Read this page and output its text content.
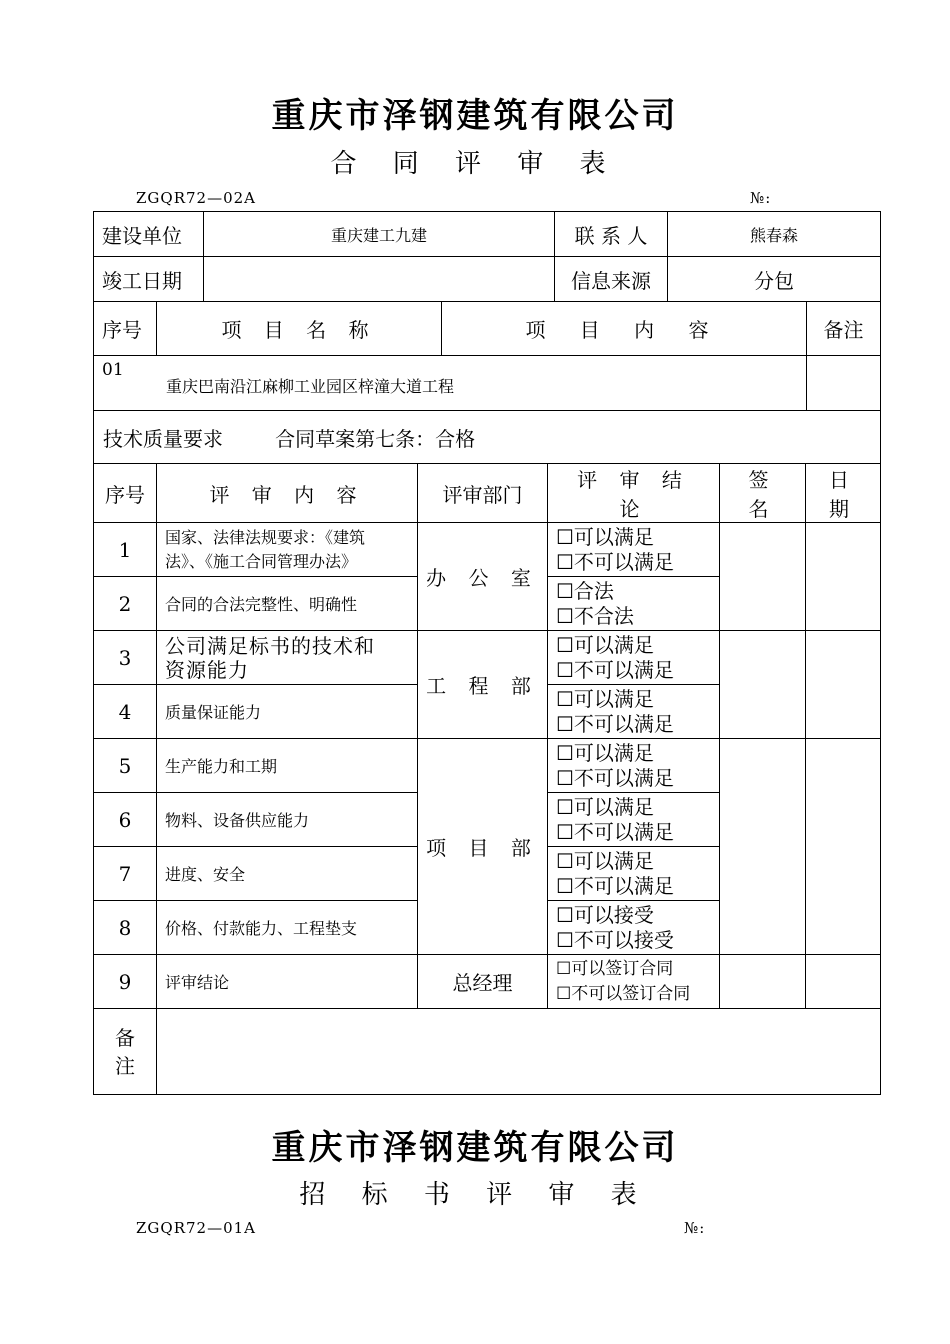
重庆市泽钢建筑有限公司
合 同 评 审 表
ZGQR72—02A	№:
建设单位	重庆建工九建	联 系 人	熊春森
竣工日期		信息来源	分包
序号	项 目 名 称	项 目 内 容	备注

01
重庆巴南沿江麻柳工业园区梓潼大道工程			

技术质量要求 合同草案第七条：合格			
序号	评 审 内 容	评审部门	评 审 结 论	签 名	日 期
1	国家、法律法规要求：《建筑
法》、《施工合同管理办法》	办 公 室	☐可以满足
☐不可以满足		

2	合同的合法完整性、明确性		☐合法
☐不合法		

3	公司满足标书的技术和
资源能力	工 程 部	☐可以满足
☐不可以满足		

4	质量保证能力		☐可以满足
☐不可以满足		

5	生产能力和工期	项 目 部	☐可以满足
☐不可以满足		

6	物料、设备供应能力		☐可以满足
☐不可以满足		

7	进度、安全		☐可以满足
☐不可以满足		

8	价格、付款能力、工程垫支		☐可以接受
☐不可以接受		

9	评审结论	总经理	☐可以签订合同
☐不可以签订合同		

备
注					

重庆市泽钢建筑有限公司
招 标 书 评 审 表
ZGQR72—01A	№:
